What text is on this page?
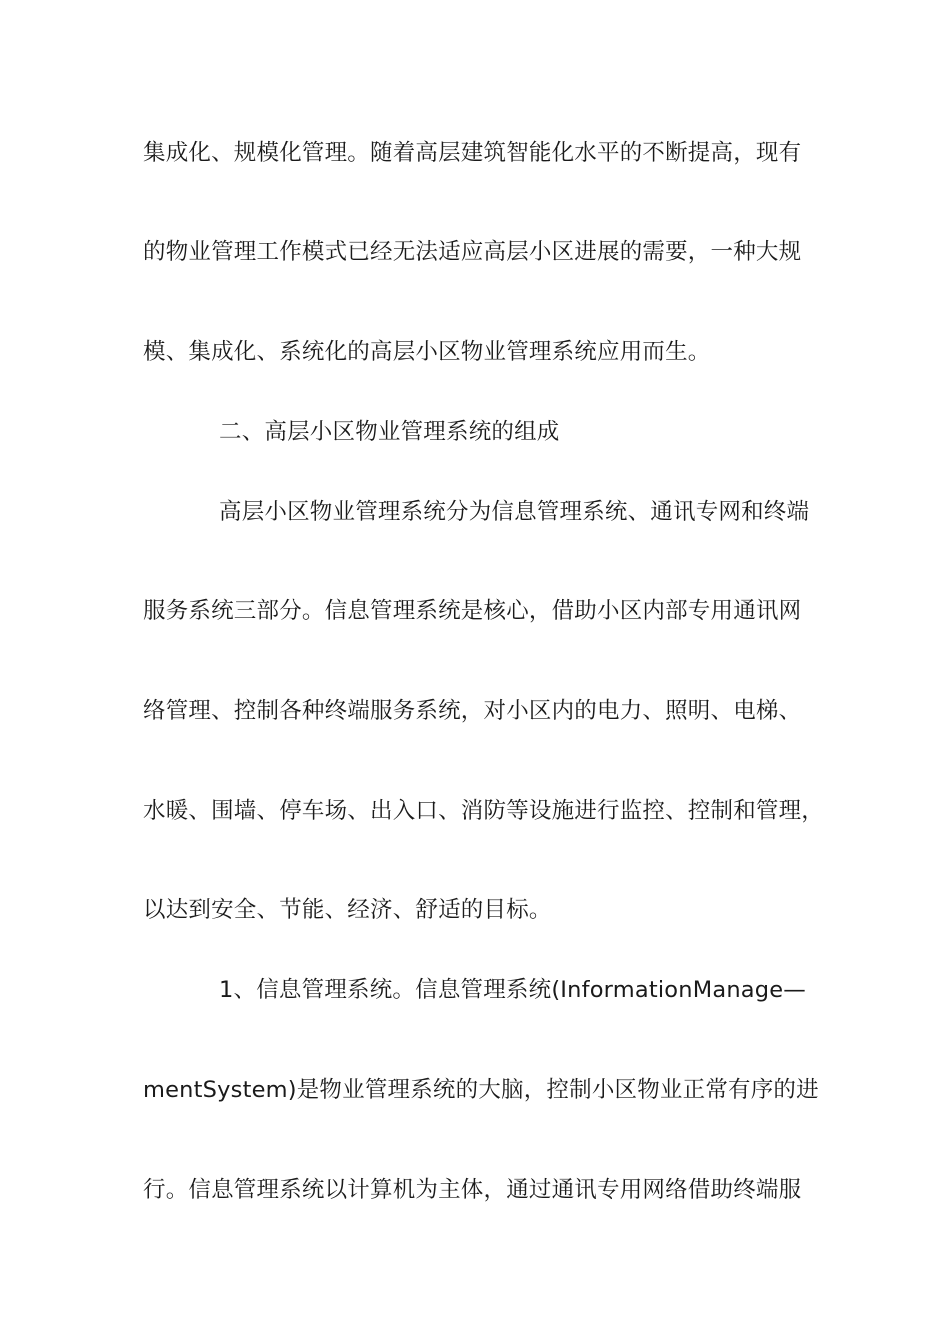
集成化、规模化管理。随着高层建筑智能化水平的不断提高，现有
的物业管理工作模式已经无法适应高层小区进展的需要，一种大规
模、集成化、系统化的高层小区物业管理系统应用而生。
二、高层小区物业管理系统的组成
高层小区物业管理系统分为信息管理系统、通讯专网和终端
服务系统三部分。信息管理系统是核心，借助小区内部专用通讯网
络管理、控制各种终端服务系统，对小区内的电力、照明、电梯、
水暖、围墙、停车场、出入口、消防等设施进行监控、控制和管理，
以达到安全、节能、经济、舒适的目标。
1、信息管理系统。信息管理系统(InformationManage—
mentSystem)是物业管理系统的大脑，控制小区物业正常有序的进
行。信息管理系统以计算机为主体，通过通讯专用网络借助终端服
